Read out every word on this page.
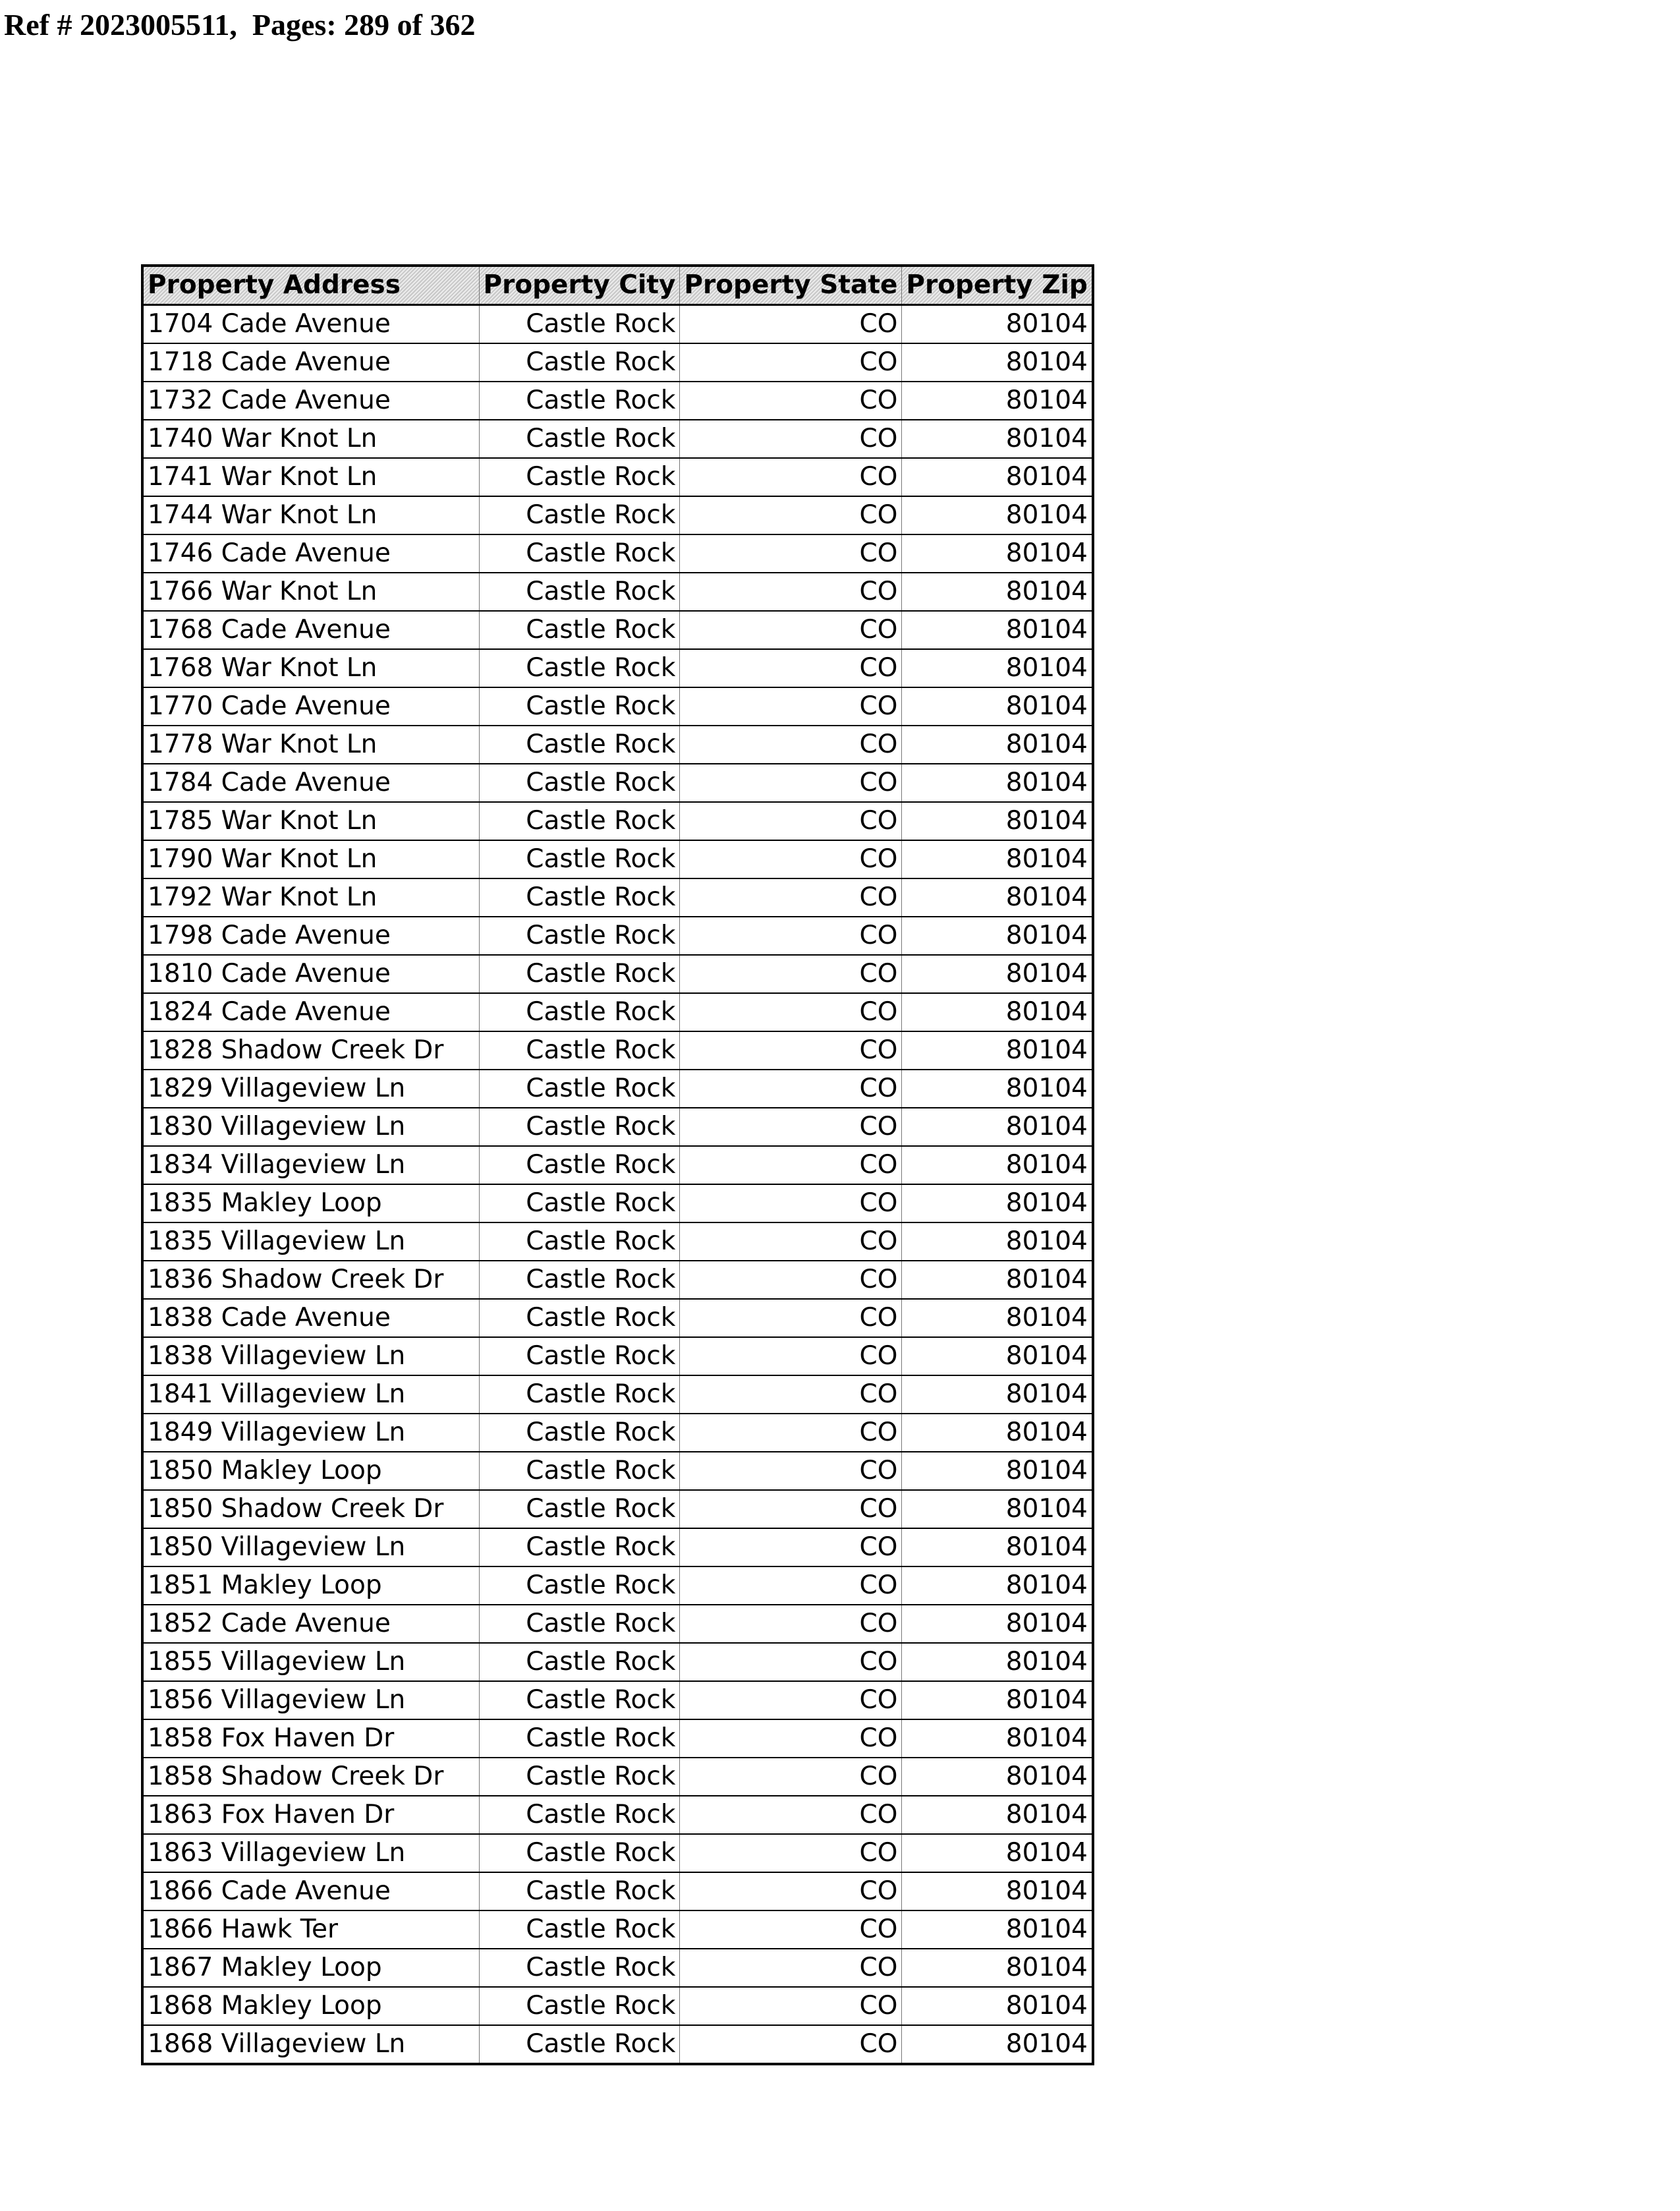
Ref # 2023005511,  Pages: 289 of 362
Property Address	Property City	Property State	Property Zip
1704 Cade Avenue	Castle Rock	CO	80104
1718 Cade Avenue	Castle Rock	CO	80104
1732 Cade Avenue	Castle Rock	CO	80104
1740 War Knot Ln	Castle Rock	CO	80104
1741 War Knot Ln	Castle Rock	CO	80104
1744 War Knot Ln	Castle Rock	CO	80104
1746 Cade Avenue	Castle Rock	CO	80104
1766 War Knot Ln	Castle Rock	CO	80104
1768 Cade Avenue	Castle Rock	CO	80104
1768 War Knot Ln	Castle Rock	CO	80104
1770 Cade Avenue	Castle Rock	CO	80104
1778 War Knot Ln	Castle Rock	CO	80104
1784 Cade Avenue	Castle Rock	CO	80104
1785 War Knot Ln	Castle Rock	CO	80104
1790 War Knot Ln	Castle Rock	CO	80104
1792 War Knot Ln	Castle Rock	CO	80104
1798 Cade Avenue	Castle Rock	CO	80104
1810 Cade Avenue	Castle Rock	CO	80104
1824 Cade Avenue	Castle Rock	CO	80104
1828 Shadow Creek Dr	Castle Rock	CO	80104
1829 Villageview Ln	Castle Rock	CO	80104
1830 Villageview Ln	Castle Rock	CO	80104
1834 Villageview Ln	Castle Rock	CO	80104
1835 Makley Loop	Castle Rock	CO	80104
1835 Villageview Ln	Castle Rock	CO	80104
1836 Shadow Creek Dr	Castle Rock	CO	80104
1838 Cade Avenue	Castle Rock	CO	80104
1838 Villageview Ln	Castle Rock	CO	80104
1841 Villageview Ln	Castle Rock	CO	80104
1849 Villageview Ln	Castle Rock	CO	80104
1850 Makley Loop	Castle Rock	CO	80104
1850 Shadow Creek Dr	Castle Rock	CO	80104
1850 Villageview Ln	Castle Rock	CO	80104
1851 Makley Loop	Castle Rock	CO	80104
1852 Cade Avenue	Castle Rock	CO	80104
1855 Villageview Ln	Castle Rock	CO	80104
1856 Villageview Ln	Castle Rock	CO	80104
1858 Fox Haven Dr	Castle Rock	CO	80104
1858 Shadow Creek Dr	Castle Rock	CO	80104
1863 Fox Haven Dr	Castle Rock	CO	80104
1863 Villageview Ln	Castle Rock	CO	80104
1866 Cade Avenue	Castle Rock	CO	80104
1866 Hawk Ter	Castle Rock	CO	80104
1867 Makley Loop	Castle Rock	CO	80104
1868 Makley Loop	Castle Rock	CO	80104
1868 Villageview Ln	Castle Rock	CO	80104
